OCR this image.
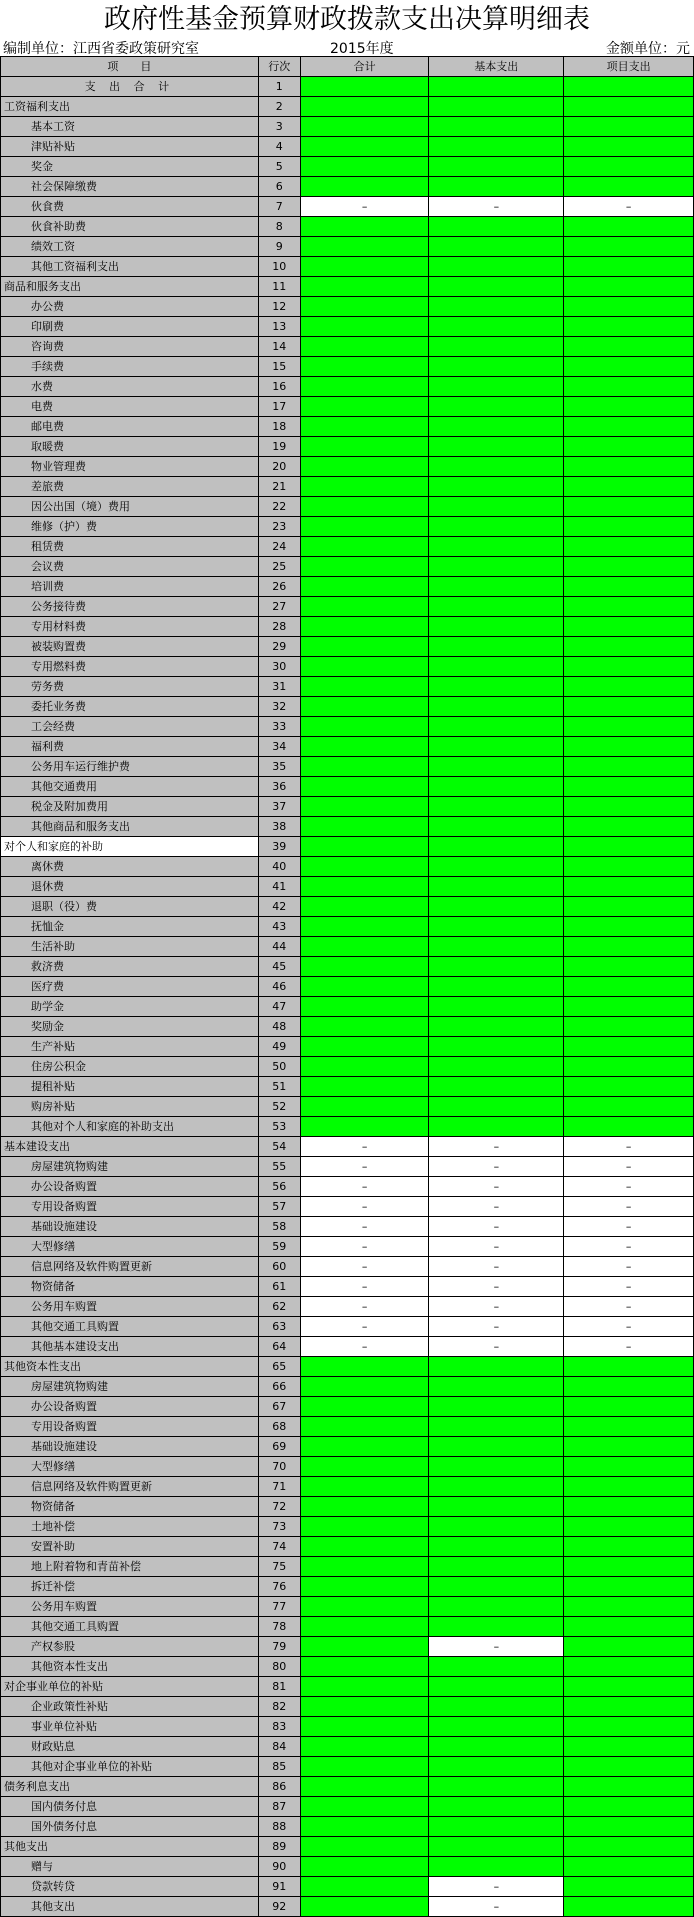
政府性基金预算财政拨款支出决算明细表
编制单位：江西省委政策研究室	2015年度	金额单位：元
项　　目	行次	合计	基本支出	项目支出
支 出 合 计	1			
工资福利支出	2			
基本工资	3			
津贴补贴	4			
奖金	5			
社会保障缴费	6			
伙食费	7	–	–	–
伙食补助费	8			
绩效工资	9			
其他工资福利支出	10			
商品和服务支出	11			
办公费	12			
印刷费	13			
咨询费	14			
手续费	15			
水费	16			
电费	17			
邮电费	18			
取暖费	19			
物业管理费	20			
差旅费	21			
因公出国（境）费用	22			
维修（护）费	23			
租赁费	24			
会议费	25			
培训费	26			
公务接待费	27			
专用材料费	28			
被装购置费	29			
专用燃料费	30			
劳务费	31			
委托业务费	32			
工会经费	33			
福利费	34			
公务用车运行维护费	35			
其他交通费用	36			
税金及附加费用	37			
其他商品和服务支出	38			
对个人和家庭的补助	39			
离休费	40			
退休费	41			
退职（役）费	42			
抚恤金	43			
生活补助	44			
救济费	45			
医疗费	46			
助学金	47			
奖励金	48			
生产补贴	49			
住房公积金	50			
提租补贴	51			
购房补贴	52			
其他对个人和家庭的补助支出	53			
基本建设支出	54	–	–	–
房屋建筑物购建	55	–	–	–
办公设备购置	56	–	–	–
专用设备购置	57	–	–	–
基础设施建设	58	–	–	–
大型修缮	59	–	–	–
信息网络及软件购置更新	60	–	–	–
物资储备	61	–	–	–
公务用车购置	62	–	–	–
其他交通工具购置	63	–	–	–
其他基本建设支出	64	–	–	–
其他资本性支出	65			
房屋建筑物购建	66			
办公设备购置	67			
专用设备购置	68			
基础设施建设	69			
大型修缮	70			
信息网络及软件购置更新	71			
物资储备	72			
土地补偿	73			
安置补助	74			
地上附着物和青苗补偿	75			
拆迁补偿	76			
公务用车购置	77			
其他交通工具购置	78			
产权参股	79		–	
其他资本性支出	80			
对企事业单位的补贴	81			
企业政策性补贴	82			
事业单位补贴	83			
财政贴息	84			
其他对企事业单位的补贴	85			
债务利息支出	86			
国内债务付息	87			
国外债务付息	88			
其他支出	89			
赠与	90			
贷款转贷	91		–	
其他支出	92		–	
